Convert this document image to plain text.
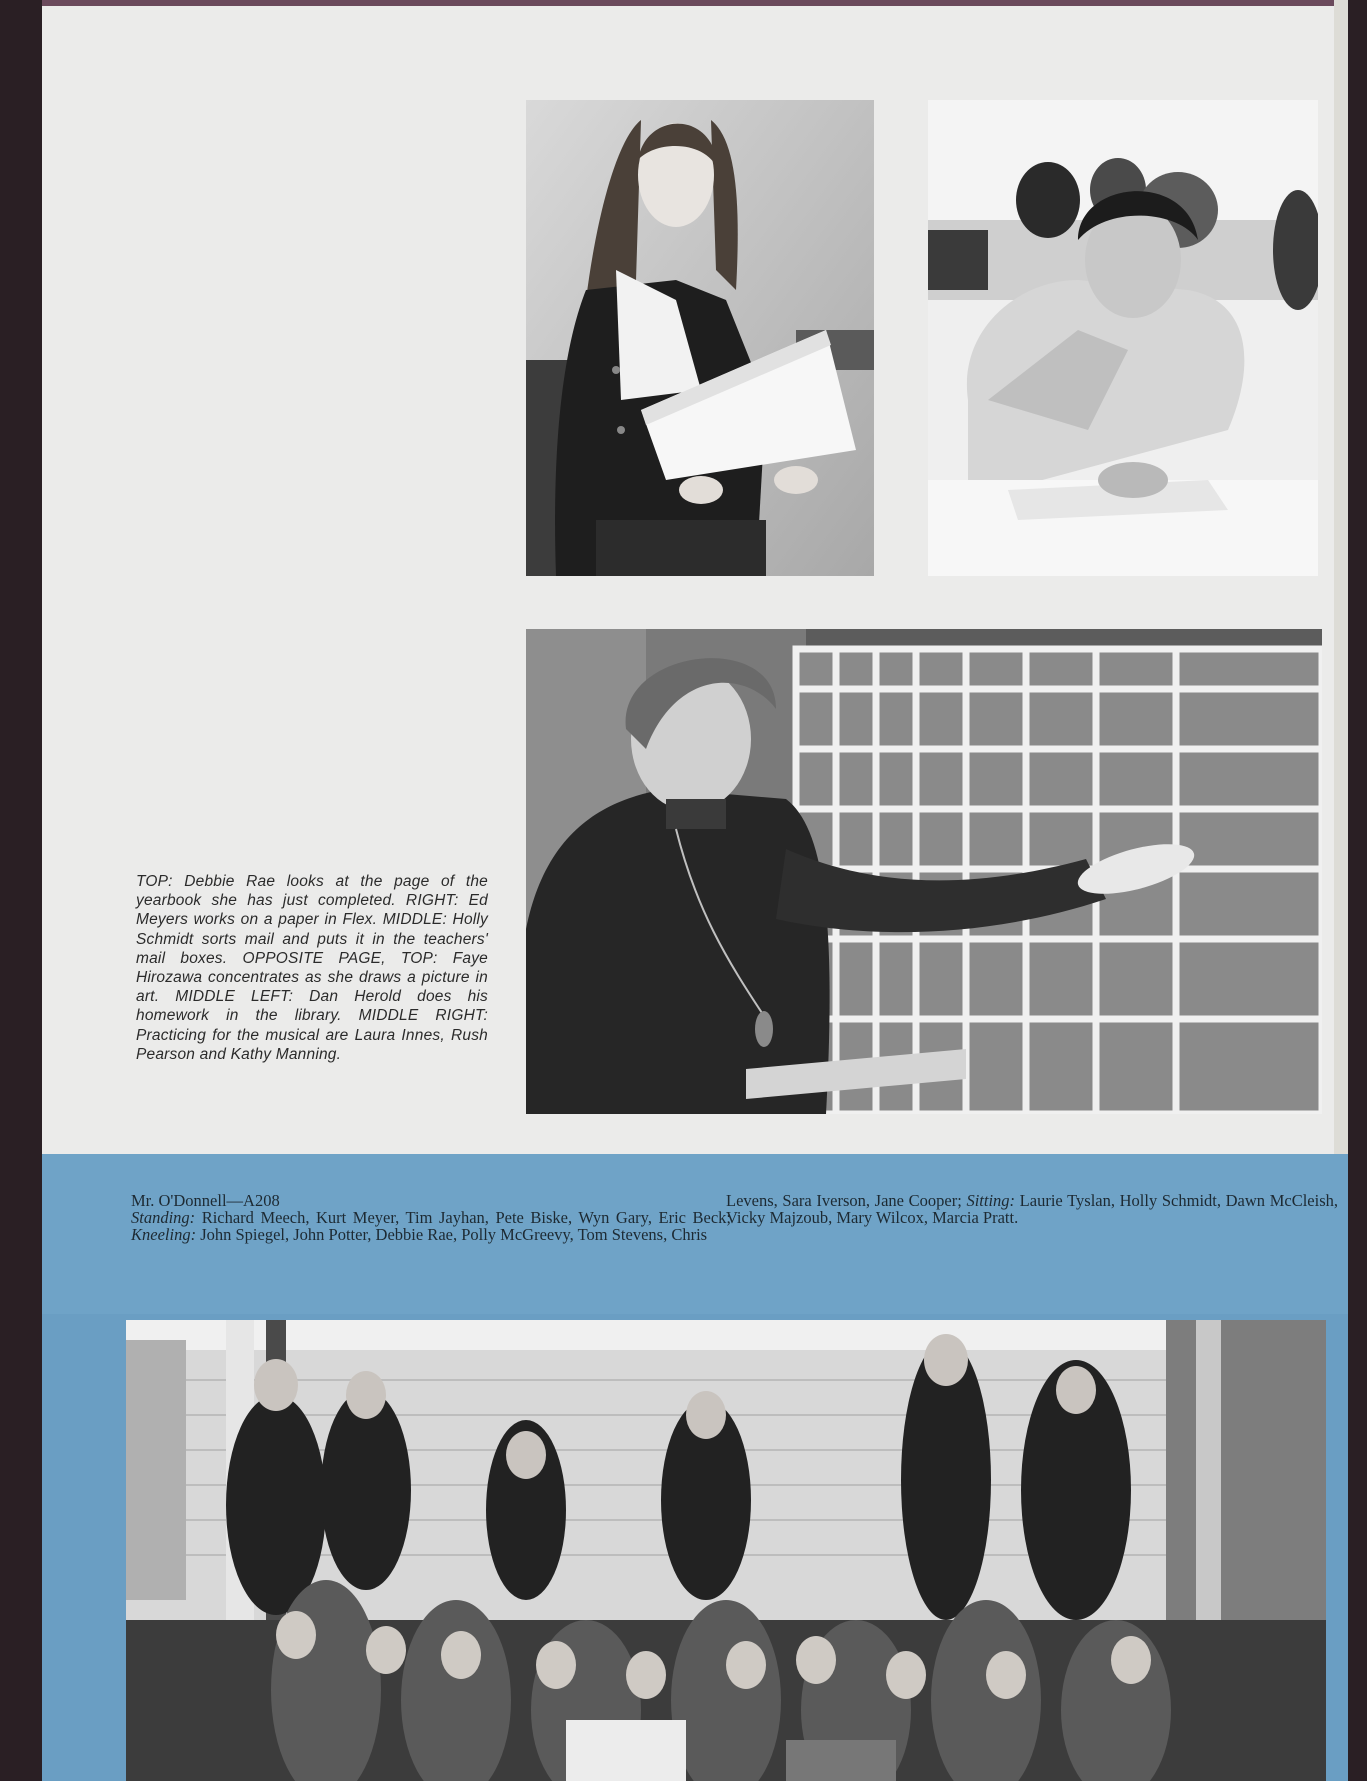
TOP: Debbie Rae looks at the page of the yearbook she has just completed. RIGHT: Ed Meyers works on a paper in Flex. MIDDLE: Holly Schmidt sorts mail and puts it in the teachers' mail boxes. OPPOSITE PAGE, TOP: Faye Hirozawa concentrates as she draws a picture in art. MIDDLE LEFT: Dan Herold does his homework in the library. MIDDLE RIGHT: Practicing for the musical are Laura Innes, Rush Pearson and Kathy Manning.
Mr. O'Donnell—A208
Standing: Richard Meech, Kurt Meyer, Tim Jayhan, Pete Biske, Wyn Gary, Eric Beck; Kneeling: John Spiegel, John Potter, Debbie Rae, Polly McGreevy, Tom Stevens, Chris
Levens, Sara Iverson, Jane Cooper; Sitting: Laurie Tyslan, Holly Schmidt, Dawn McCleish, Vicky Majzoub, Mary Wilcox, Marcia Pratt.
